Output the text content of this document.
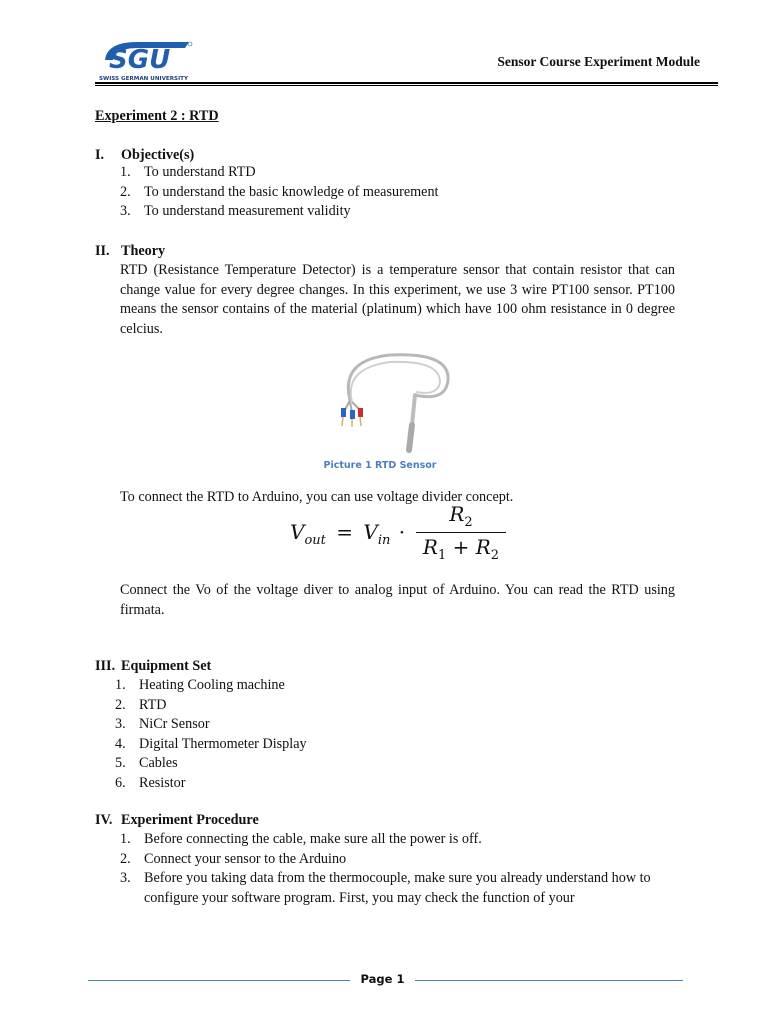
SGU
SWISS GERMAN UNIVERSITY
Sensor Course Experiment Module
Experiment 2 : RTD
I. Objective(s)
1. To understand RTD
2. To understand the basic knowledge of measurement
3. To understand measurement validity
II. Theory
RTD (Resistance Temperature Detector) is a temperature sensor that contain resistor that can change value for every degree changes. In this experiment, we use 3 wire PT100 sensor. PT100 means the sensor contains of the material (platinum) which have 100 ohm resistance in 0 degree celcius.
Picture 1 RTD Sensor
To connect the RTD to Arduino, you can use voltage divider concept.
$V_{out} = V_{in}$ ·
$R_2$
$R_1 + R_2$
Connect the Vo of the voltage diver to analog input of Arduino. You can read the RTD using firmata.
III. Equipment Set
1. Heating Cooling machine
2. RTD
3. NiCr Sensor
4. Digital Thermometer Display
5. Cables
6. Resistor
IV. Experiment Procedure
1. Before connecting the cable, make sure all the power is off.
2. Connect your sensor to the Arduino
3. Before you taking data from the thermocouple, make sure you already understand how to configure your software program. First, you may check the function of your
Page 1
